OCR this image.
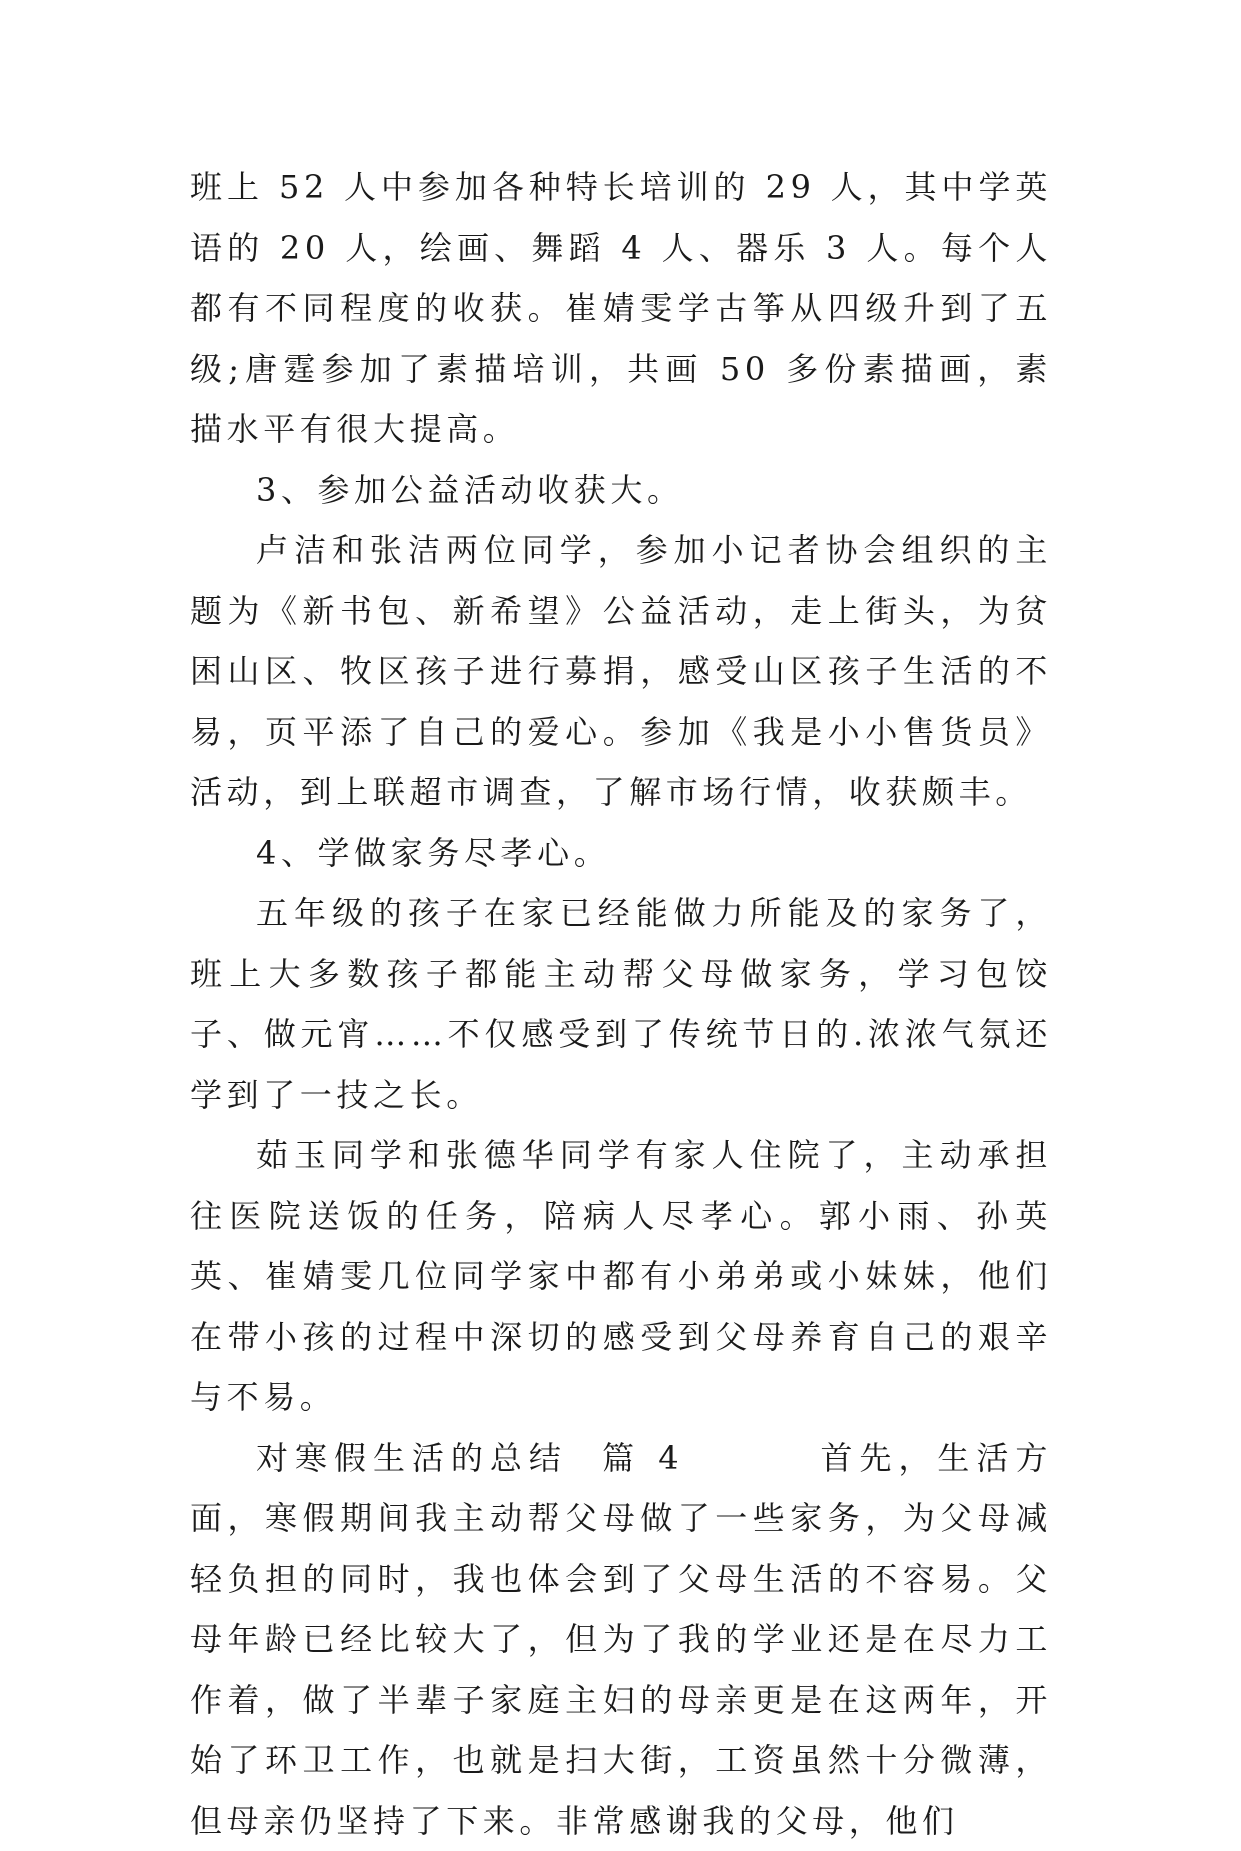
班上 52 人中参加各种特长培训的 29 人，其中学英语的 20 人，绘画、舞蹈 4 人、器乐 3 人。每个人都有不同程度的收获。崔婧雯学古筝从四级升到了五级;唐霆参加了素描培训，共画 50 多份素描画，素描水平有很大提高。

3、参加公益活动收获大。

卢洁和张洁两位同学，参加小记者协会组织的主题为《新书包、新希望》公益活动，走上街头，为贫困山区、牧区孩子进行募捐，感受山区孩子生活的不易，页平添了自己的爱心。参加《我是小小售货员》活动，到上联超市调查，了解市场行情，收获颇丰。

4、学做家务尽孝心。

五年级的孩子在家已经能做力所能及的家务了，班上大多数孩子都能主动帮父母做家务，学习包饺子、做元宵……不仅感受到了传统节日的.浓浓气氛还学到了一技之长。

茹玉同学和张德华同学有家人住院了，主动承担往医院送饭的任务，陪病人尽孝心。郭小雨、孙英英、崔婧雯几位同学家中都有小弟弟或小妹妹，他们在带小孩的过程中深切的感受到父母养育自己的艰辛与不易。

对寒假生活的总结  篇 4        首先，生活方面，寒假期间我主动帮父母做了一些家务，为父母减轻负担的同时，我也体会到了父母生活的不容易。父母年龄已经比较大了，但为了我的学业还是在尽力工作着，做了半辈子家庭主妇的母亲更是在这两年，开始了环卫工作，也就是扫大街，工资虽然十分微薄，但母亲仍坚持了下来。非常感谢我的父母，他们
